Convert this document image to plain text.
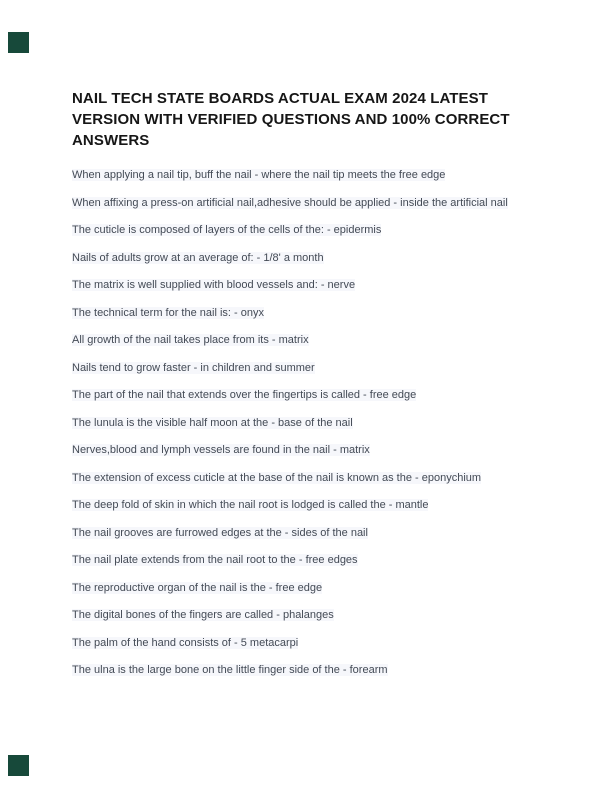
NAIL TECH STATE BOARDS ACTUAL EXAM 2024 LATEST VERSION WITH VERIFIED QUESTIONS AND 100% CORRECT ANSWERS

When applying a nail tip, buff the nail - where the nail tip meets the free edge

When affixing a press-on artificial nail,adhesive should be applied - inside the artificial nail

The cuticle is composed of layers of the cells of the: - epidermis

Nails of adults grow at an average of: - 1/8' a month

The matrix is well supplied with blood vessels and: - nerve

The technical term for the nail is: - onyx

All growth of the nail takes place from its - matrix

Nails tend to grow faster - in children and summer

The part of the nail that extends over the fingertips is called - free edge

The lunula is the visible half moon at the - base of the nail

Nerves,blood and lymph vessels are found in the nail - matrix

The extension of excess cuticle at the base of the nail is known as the - eponychium

The deep fold of skin in which the nail root is lodged is called the - mantle

The nail grooves are furrowed edges at the - sides of the nail

The nail plate extends from the nail root to the - free edges

The reproductive organ of the nail is the - free edge

The digital bones of the fingers are called - phalanges

The palm of the hand consists of - 5 metacarpi

The ulna is the large bone on the little finger side of the - forearm
